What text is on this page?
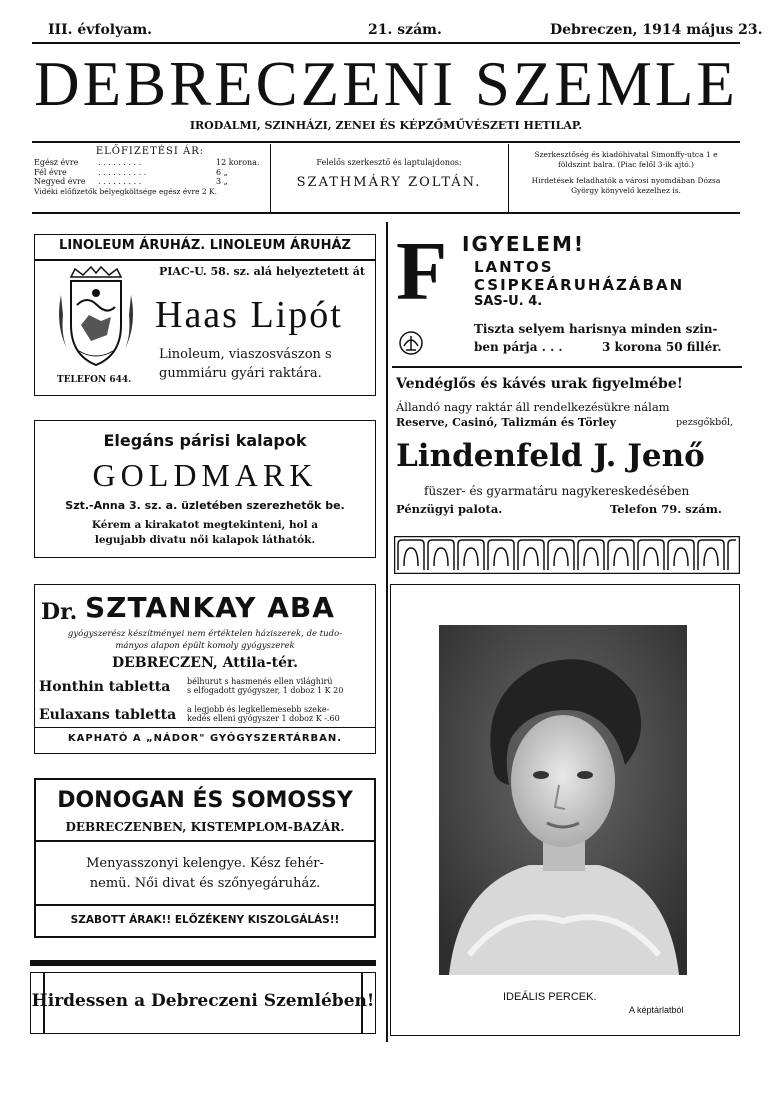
III. évfolyam.	21. szám.	Debreczen, 1914 május 23.
DEBRECZENI SZEMLE
IRODALMI, SZINHÁZI, ZENEI ÉS KÉPZŐMŰVÉSZETI HETILAP.
ELŐFIZETÉSI ÁR:
Egész évre	. . . . . . . . .	12 korona.
Fél évre	. . . . . . . . . .	6 „
Negyed évre	. . . . . . . . .	3 „
Vidéki előfizetők bélyegköltsége egész évre 2 K.
Felelős szerkesztő és laptulajdonos:
SZATHMÁRY ZOLTÁN.
Szerkesztőség és kiadóhivatal Simonffy-utca 1 e
földszint balra. (Piac felől 3-ik ajtó.)
Hirdetések feladhatók a városi nyomdában Dózsa
György könyvelő kezelhez is.
LINOLEUM ÁRUHÁZ. LINOLEUM ÁRUHÁZ
PIAC-U. 58. sz. alá helyeztetett át
Haas Lipót
Linoleum, viaszosvászon s
gummiáru gyári raktára.
TELEFON 644.
Elegáns párisi kalapok
GOLDMARK
Szt.-Anna 3. sz. a. üzletében szerezhetők be.
Kérem a kirakatot megtekinteni, hol a
legujabb divatu női kalapok láthatók.
Dr. SZTANKAY ABA
gyógyszerész készítményei nem értéktelen háziszerek, de tudo-
mányos alapon épült komoly gyógyszerek
DEBRECZEN, Attila-tér.
Honthin tabletta bélhurut s hasmenés ellen világhirü
s elfogadott gyógyszer, 1 doboz 1 K 20
Eulaxans tabletta a legjobb és legkellemesebb szeke-
kedés elleni gyógyszer 1 doboz K -.60
KAPHATÓ A „NÁDOR" GYÓGYSZERTÁRBAN.
DONOGAN ÉS SOMOSSY
DEBRECZENBEN, KISTEMPLOM-BAZÁR.
Menyasszonyi kelengye. Kész fehér-
nemü. Női divat és szőnyegáruház.
SZABOTT ÁRAK!! ELŐZÉKENY KISZOLGÁLÁS!!
Hirdessen a Debreczeni Szemlében!
F IGYELEM!
LANTOS
CSIPKEÁRUHÁZÁBAN
SAS-U. 4.
Tiszta selyem harisnya minden szin-
ben párja . . .	3 korona 50 fillér.
Vendéglős és kávés urak figyelmébe!
Állandó nagy raktár áll rendelkezésükre nálam
Reserve, Casinó, Talizmán és Törley	pezsgőkből,
Lindenfeld J. Jenő
füszer- és gyarmatáru nagykereskedésében
Pénzügyi palota.	Telefon 79. szám.
IDEÁLIS PERCEK.
A képtárlatból
